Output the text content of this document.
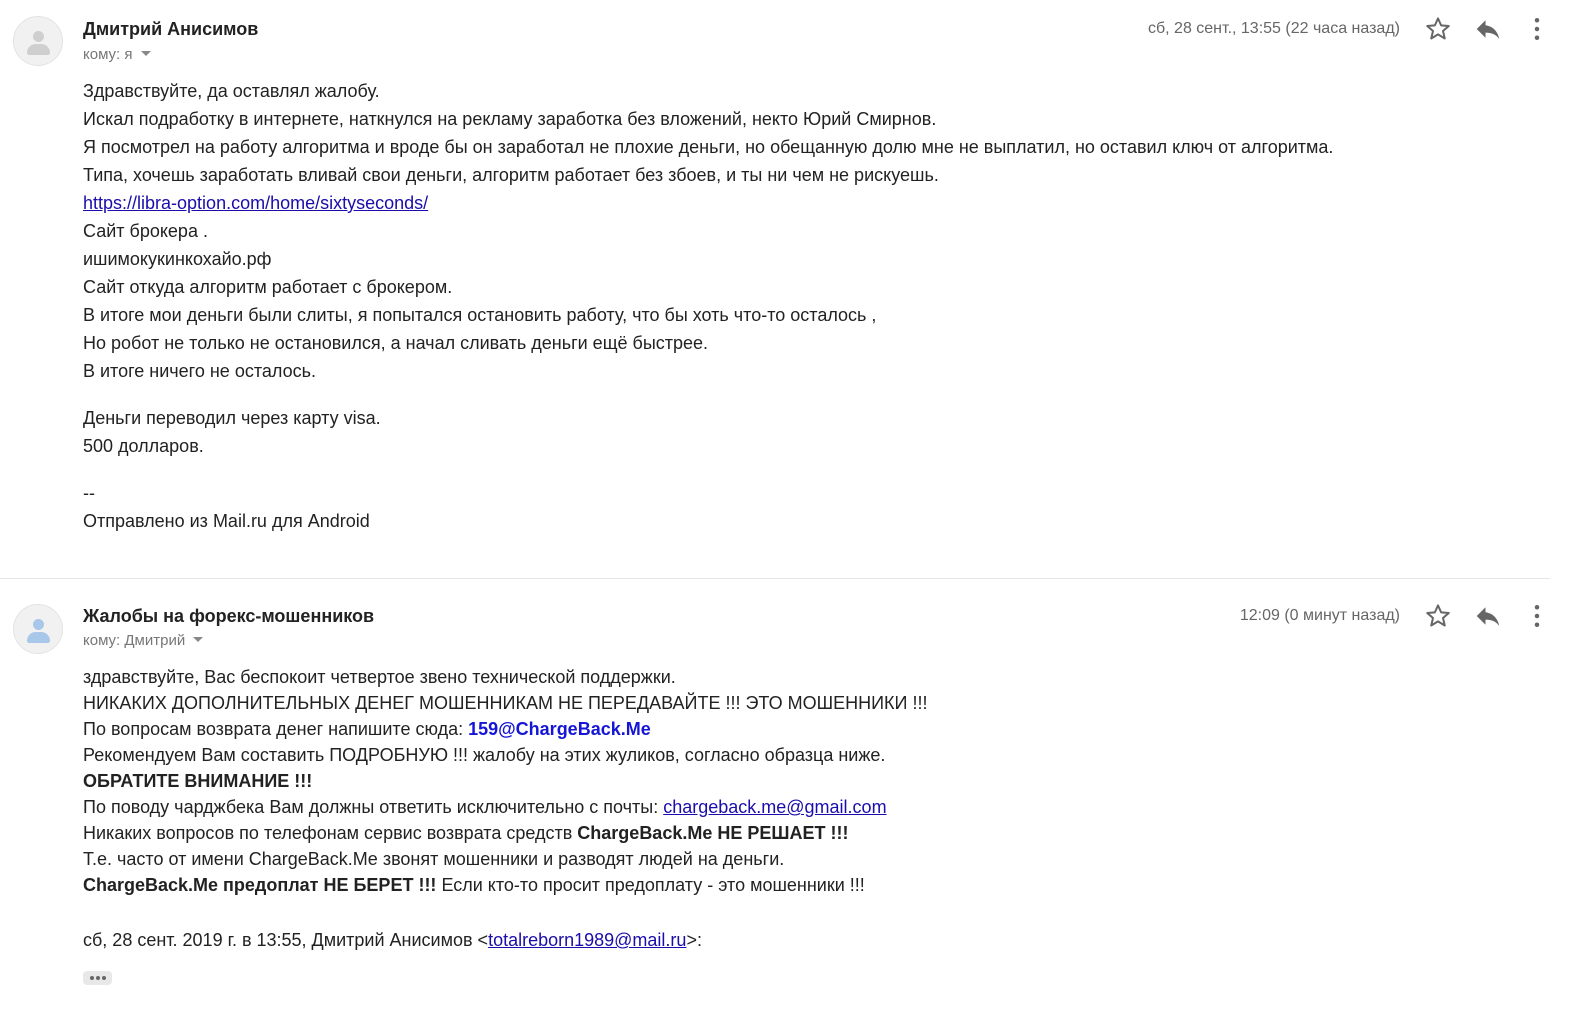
Дмитрий Анисимов
кому: я
сб, 28 сент., 13:55 (22 часа назад)
Здравствуйте, да оставлял жалобу.
Искал подработку в интернете, наткнулся на рекламу заработка без вложений, некто Юрий Смирнов.
Я посмотрел на работу алгоритма и вроде бы он заработал не плохие деньги, но обещанную долю мне не выплатил, но оставил ключ от алгоритма.
Типа, хочешь заработать вливай свои деньги, алгоритм работает без збоев, и ты ни чем не рискуешь.
https://libra-option.com/home/sixtyseconds/
Сайт брокера .
ишимокукинкохайо.рф
Сайт откуда алгоритм работает с брокером.
В итоге мои деньги были слиты, я попытался остановить работу, что бы хоть что-то осталось ,
Но робот не только не остановился, а начал сливать деньги ещё быстрее.
В итоге ничего не осталось.
Деньги переводил через карту visa.
500 долларов.
--
Отправлено из Mail.ru для Android
Жалобы на форекс-мошенников
кому: Дмитрий
12:09 (0 минут назад)
здравствуйте, Вас беспокоит четвертое звено технической поддержки.
НИКАКИХ ДОПОЛНИТЕЛЬНЫХ ДЕНЕГ МОШЕННИКАМ НЕ ПЕРЕДАВАЙТЕ !!! ЭТО МОШЕННИКИ !!!
По вопросам возврата денег напишите сюда: 159@ChargeBack.Me
Рекомендуем Вам составить ПОДРОБНУЮ !!! жалобу на этих жуликов, согласно образца ниже.
ОБРАТИТЕ ВНИМАНИЕ !!!
По поводу чарджбека Вам должны ответить исключительно с почты: chargeback.me@gmail.com
Никаких вопросов по телефонам сервис возврата средств ChargeBack.Me НЕ РЕШАЕТ !!!
Т.е. часто от имени ChargeBack.Me звонят мошенники и разводят людей на деньги.
ChargeBack.Me предоплат НЕ БЕРЕТ !!! Если кто-то просит предоплату - это мошенники !!!
сб, 28 сент. 2019 г. в 13:55, Дмитрий Анисимов <totalreborn1989@mail.ru>:
